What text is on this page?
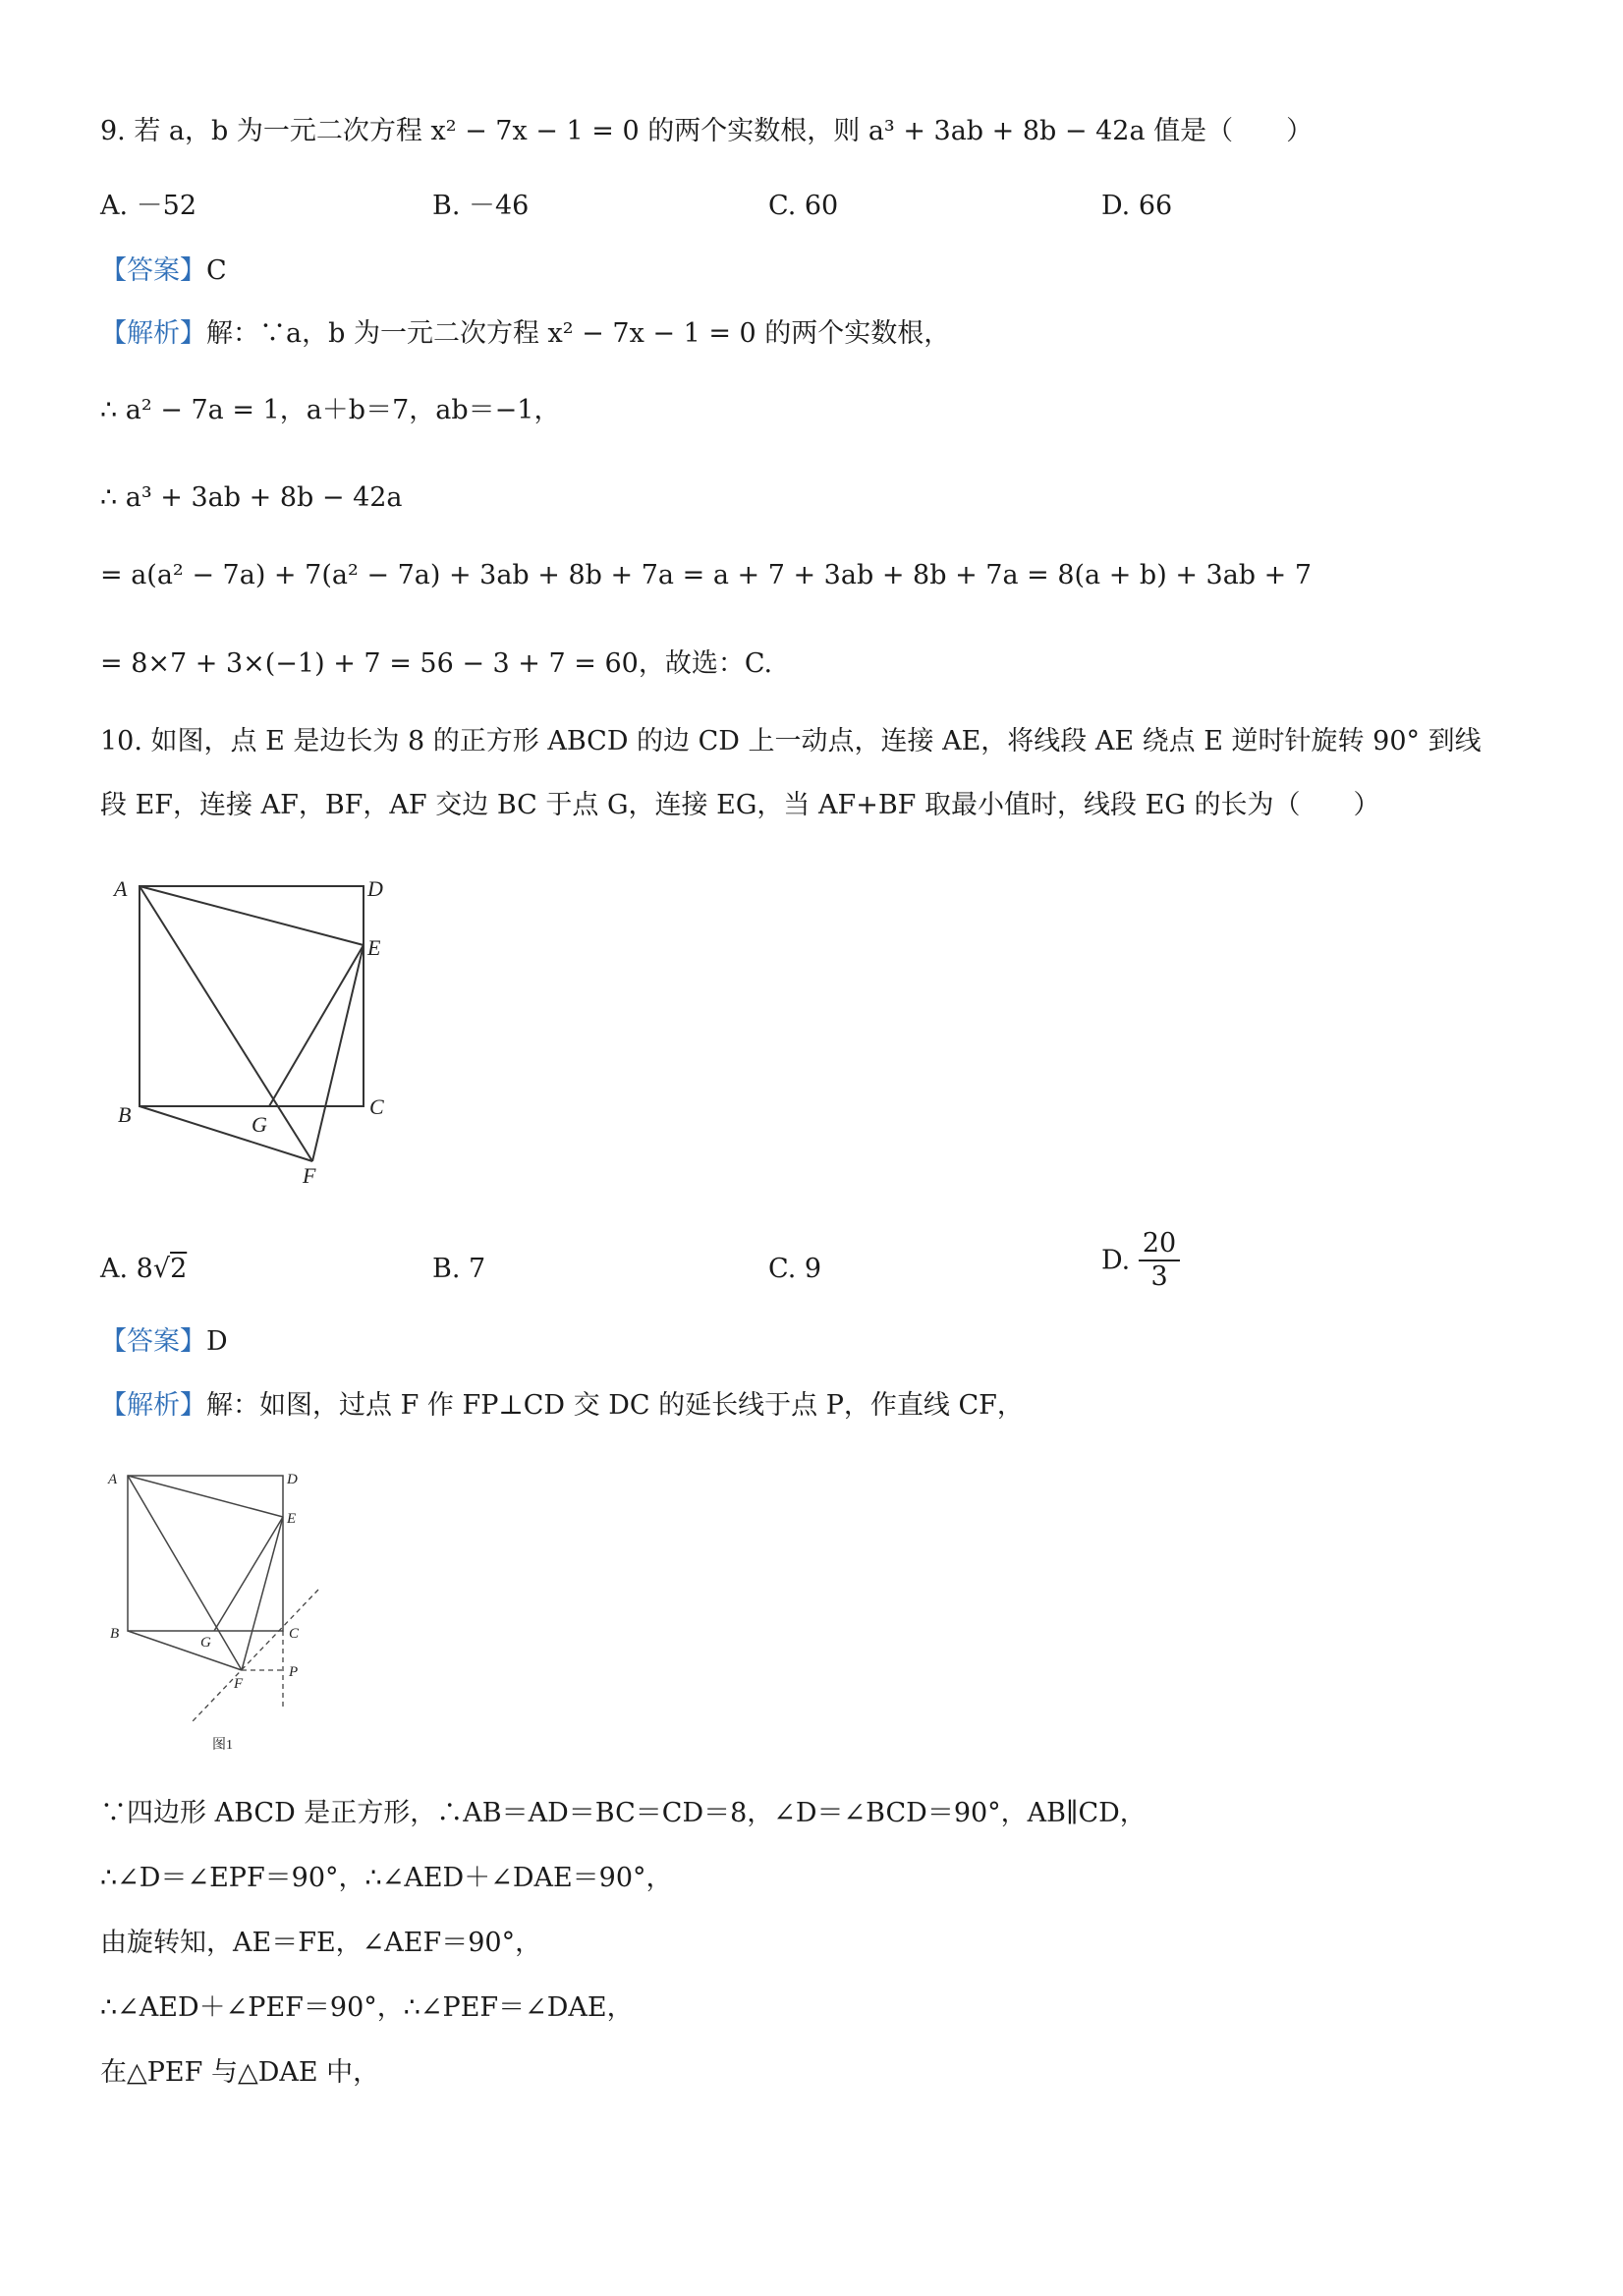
9. 若 a，b 为一元二次方程 x² − 7x − 1 = 0 的两个实数根，则 a³ + 3ab + 8b − 42a 值是（　　）
A. －52	B. －46	C. 60	D. 66
【答案】C
【解析】解：∵a，b 为一元二次方程 x² − 7x − 1 = 0 的两个实数根，
∴ a² − 7a = 1，a＋b＝7，ab＝−1，
∴ a³ + 3ab + 8b − 42a
= a(a² − 7a) + 7(a² − 7a) + 3ab + 8b + 7a = a + 7 + 3ab + 8b + 7a = 8(a + b) + 3ab + 7
= 8×7 + 3×(−1) + 7 = 56 − 3 + 7 = 60，故选：C.
10. 如图，点 E 是边长为 8 的正方形 ABCD 的边 CD 上一动点，连接 AE，将线段 AE 绕点 E 逆时针旋转 90° 到线
段 EF，连接 AF，BF，AF 交边 BC 于点 G，连接 EG，当 AF+BF 取最小值时，线段 EG 的长为（　　）
A	D
E
B	C
G
F
A. 8√2	B. 7	C. 9	D. $\frac{20}{3}$
【答案】D
【解析】解：如图，过点 F 作 FP⊥CD 交 DC 的延长线于点 P，作直线 CF，
A	D
E
B	C
G
F
P
图1
∵四边形 ABCD 是正方形，∴AB＝AD＝BC＝CD＝8，∠D＝∠BCD＝90°，AB∥CD，
∴∠D＝∠EPF＝90°，∴∠AED＋∠DAE＝90°，
由旋转知，AE＝FE，∠AEF＝90°，
∴∠AED＋∠PEF＝90°，∴∠PEF＝∠DAE，
在△PEF 与△DAE 中，
